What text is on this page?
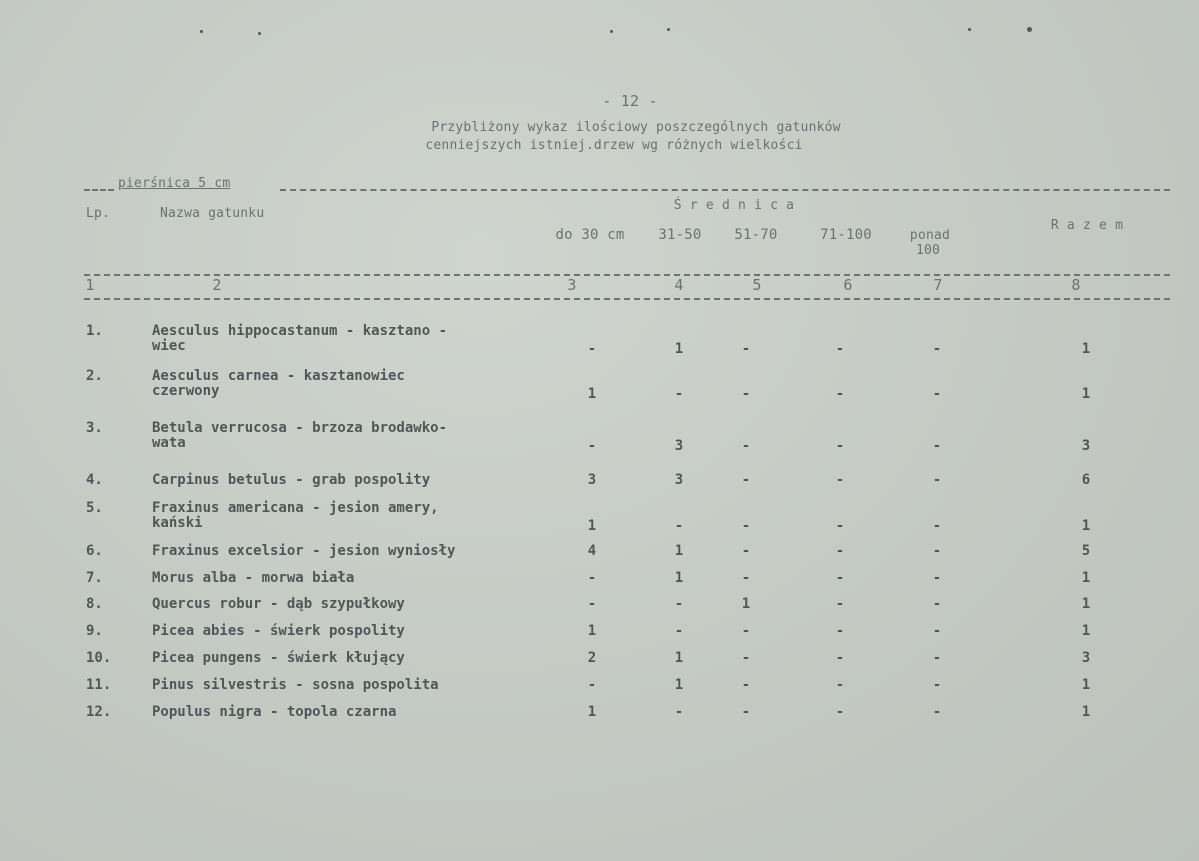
- 12 -
Przybliżony wykaz ilościowy poszczególnych gatunków
cenniejszych istniej.drzew wg różnych wielkości
pierśnica 5 cm
Lp.	Nazwa gatunku
Ś r e d n i c a
do 30 cm 31-50 51-70	71-100	ponad
100
R a z e m
1	2	3	4	5	6	7	8
1.	Aesculus hippocastanum - kasztano -
wiec	-	1	-	-	-	1
2.	Aesculus carnea - kasztanowiec
czerwony	1	-	-	-	-	1
3.	Betula verrucosa - brzoza brodawko-
wata	-	3	-	-	-	3
4.	Carpinus betulus - grab pospolity	3	3	-	-	-	6
5.	Fraxinus americana - jesion amery,
kański	1	-	-	-	-	1
6.	Fraxinus excelsior - jesion wyniosły	4	1	-	-	-	5
7.	Morus alba - morwa biała	-	1	-	-	-	1
8.	Quercus robur - dąb szypułkowy	-	-	1	-	-	1
9.	Picea abies - świerk pospolity	1	-	-	-	-	1
10.	Picea pungens - świerk kłujący	2	1	-	-	-	3
11.	Pinus silvestris - sosna pospolita	-	1	-	-	-	1
12.	Populus nigra - topola czarna	1	-	-	-	-	1
